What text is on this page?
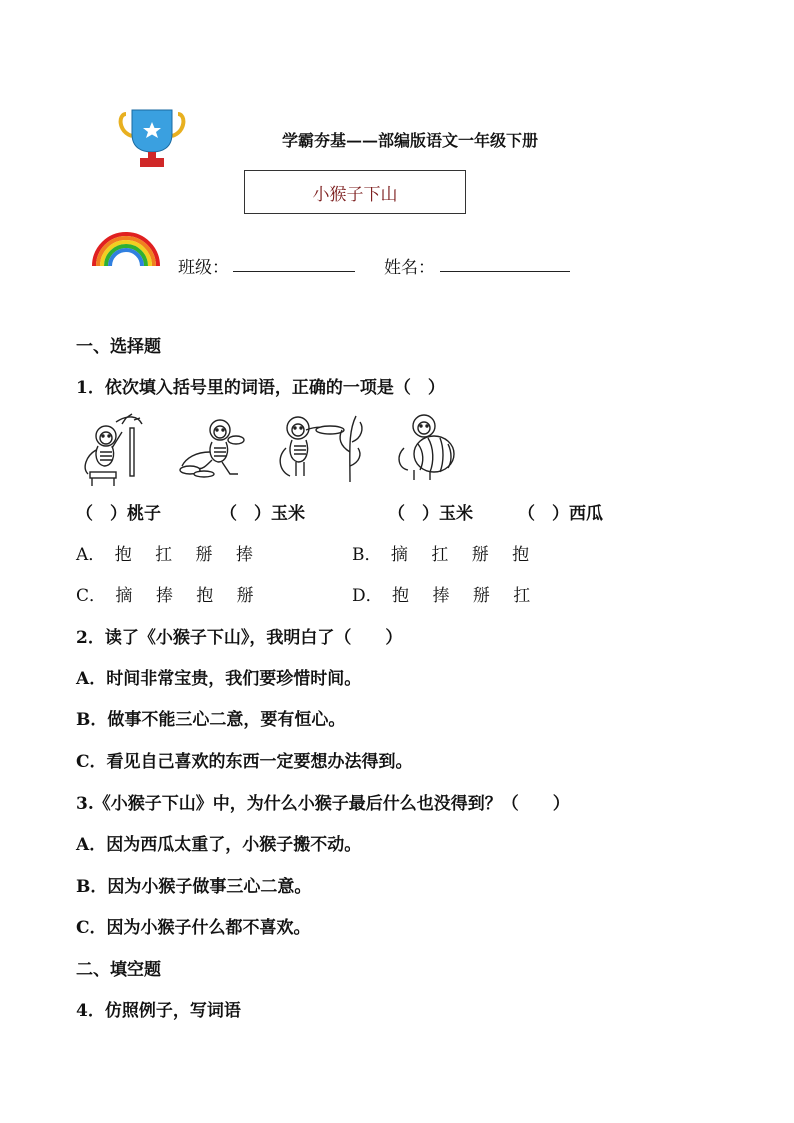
学霸夯基——部编版语文一年级下册
小猴子下山
班级：	姓名：
一、选择题
1．依次填入括号里的词语，正确的一项是（　）
（　）桃子	（　）玉米	（　）玉米	（　）西瓜
A． 抱 扛 掰 捧	B． 摘 扛 掰 抱
C． 摘 捧 抱 掰	D． 抱 捧 掰 扛
2．读了《小猴子下山》，我明白了（　　）
A．时间非常宝贵，我们要珍惜时间。
B．做事不能三心二意，要有恒心。
C．看见自己喜欢的东西一定要想办法得到。
3.《小猴子下山》中，为什么小猴子最后什么也没得到？（　　）
A．因为西瓜太重了，小猴子搬不动。
B．因为小猴子做事三心二意。
C．因为小猴子什么都不喜欢。
二、填空题
4．仿照例子，写词语
